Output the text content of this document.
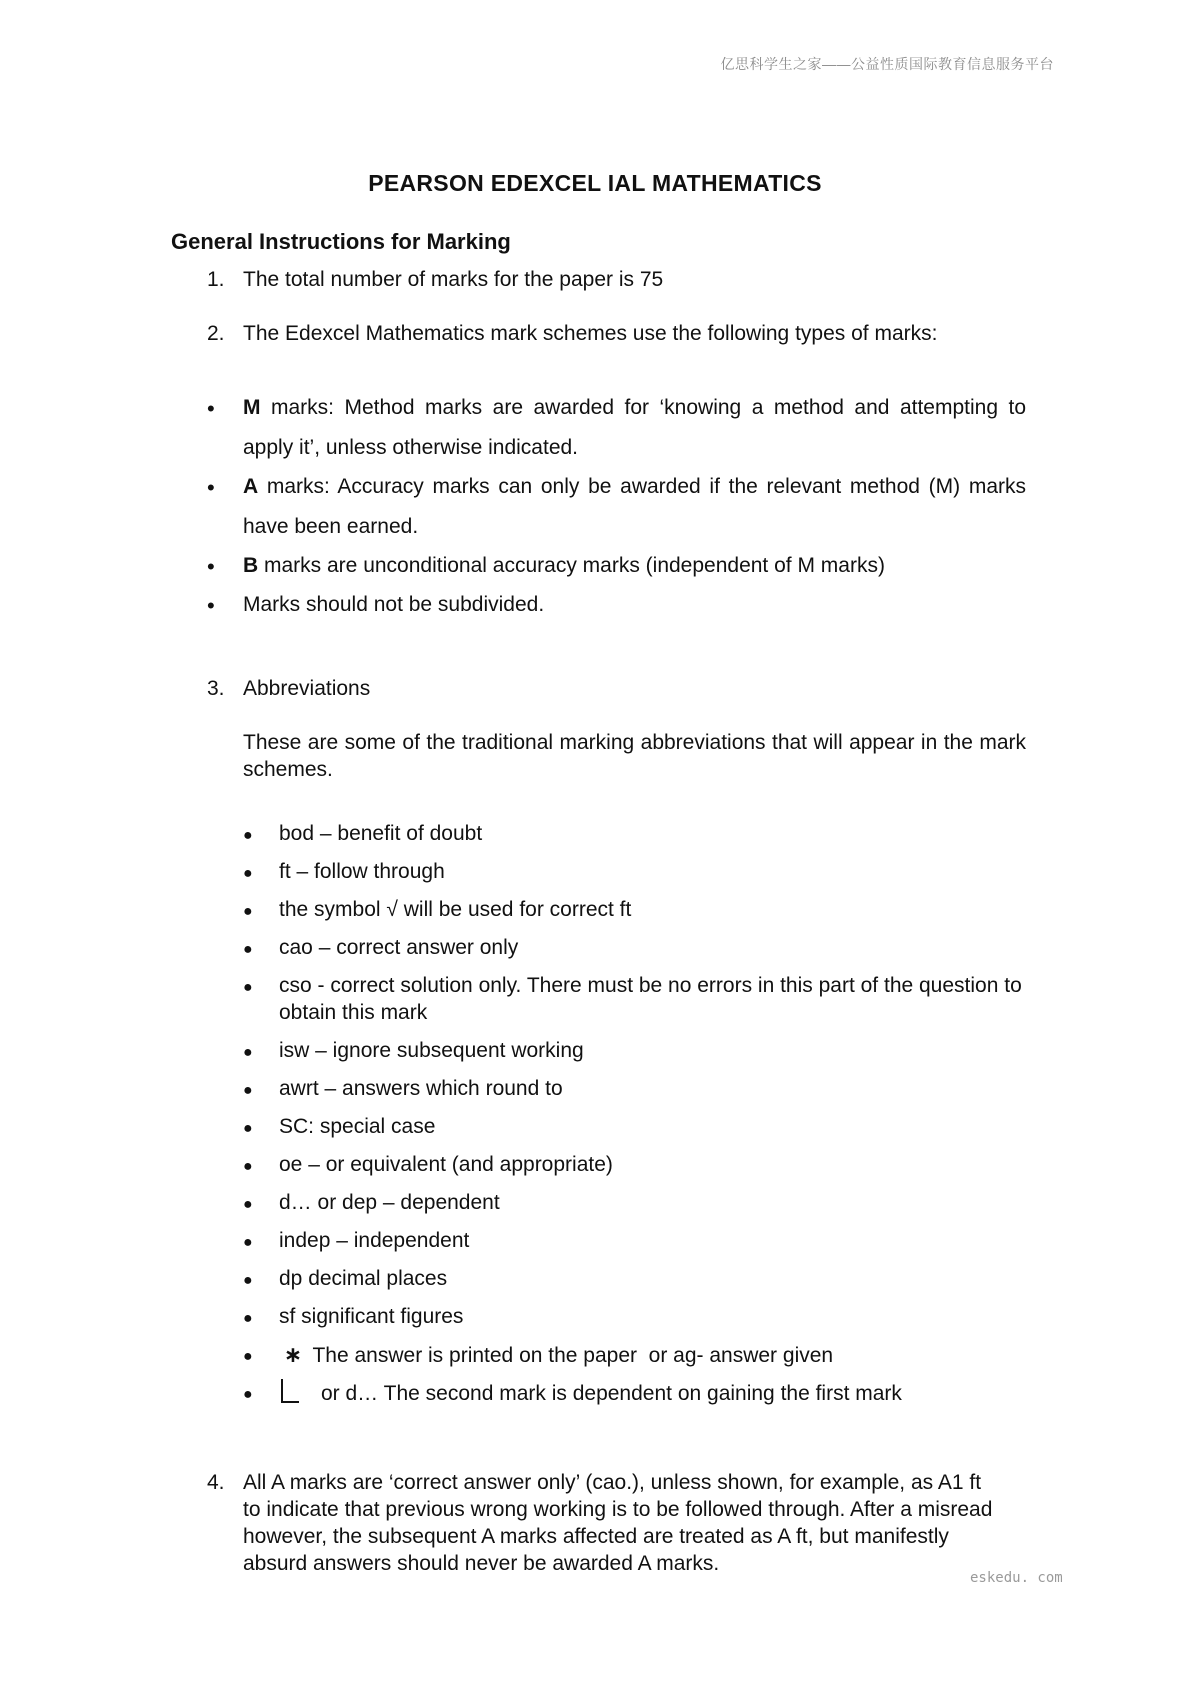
亿思科学生之家——公益性质国际教育信息服务平台
PEARSON EDEXCEL IAL MATHEMATICS
General Instructions for Marking
1. The total number of marks for the paper is 75
2. The Edexcel Mathematics mark schemes use the following types of marks:
• M marks: Method marks are awarded for ‘knowing a method and attempting to apply it’, unless otherwise indicated.
• A marks: Accuracy marks can only be awarded if the relevant method (M) marks have been earned.
• B marks are unconditional accuracy marks (independent of M marks)
• Marks should not be subdivided.
3. Abbreviations
These are some of the traditional marking abbreviations that will appear in the mark schemes.
● bod – benefit of doubt
● ft – follow through
● the symbol √ will be used for correct ft
● cao – correct answer only
● cso - correct solution only. There must be no errors in this part of the question to obtain this mark
● isw – ignore subsequent working
● awrt – answers which round to
● SC: special case
● oe – or equivalent (and appropriate)
● d… or dep – dependent
● indep – independent
● dp decimal places
● sf significant figures
● ∗ The answer is printed on the paper  or ag- answer given
●	or d… The second mark is dependent on gaining the first mark
4. All A marks are ‘correct answer only’ (cao.), unless shown, for example, as A1 ft to indicate that previous wrong working is to be followed through. After a misread however, the subsequent A marks affected are treated as A ft, but manifestly absurd answers should never be awarded A marks.
eskedu. com
